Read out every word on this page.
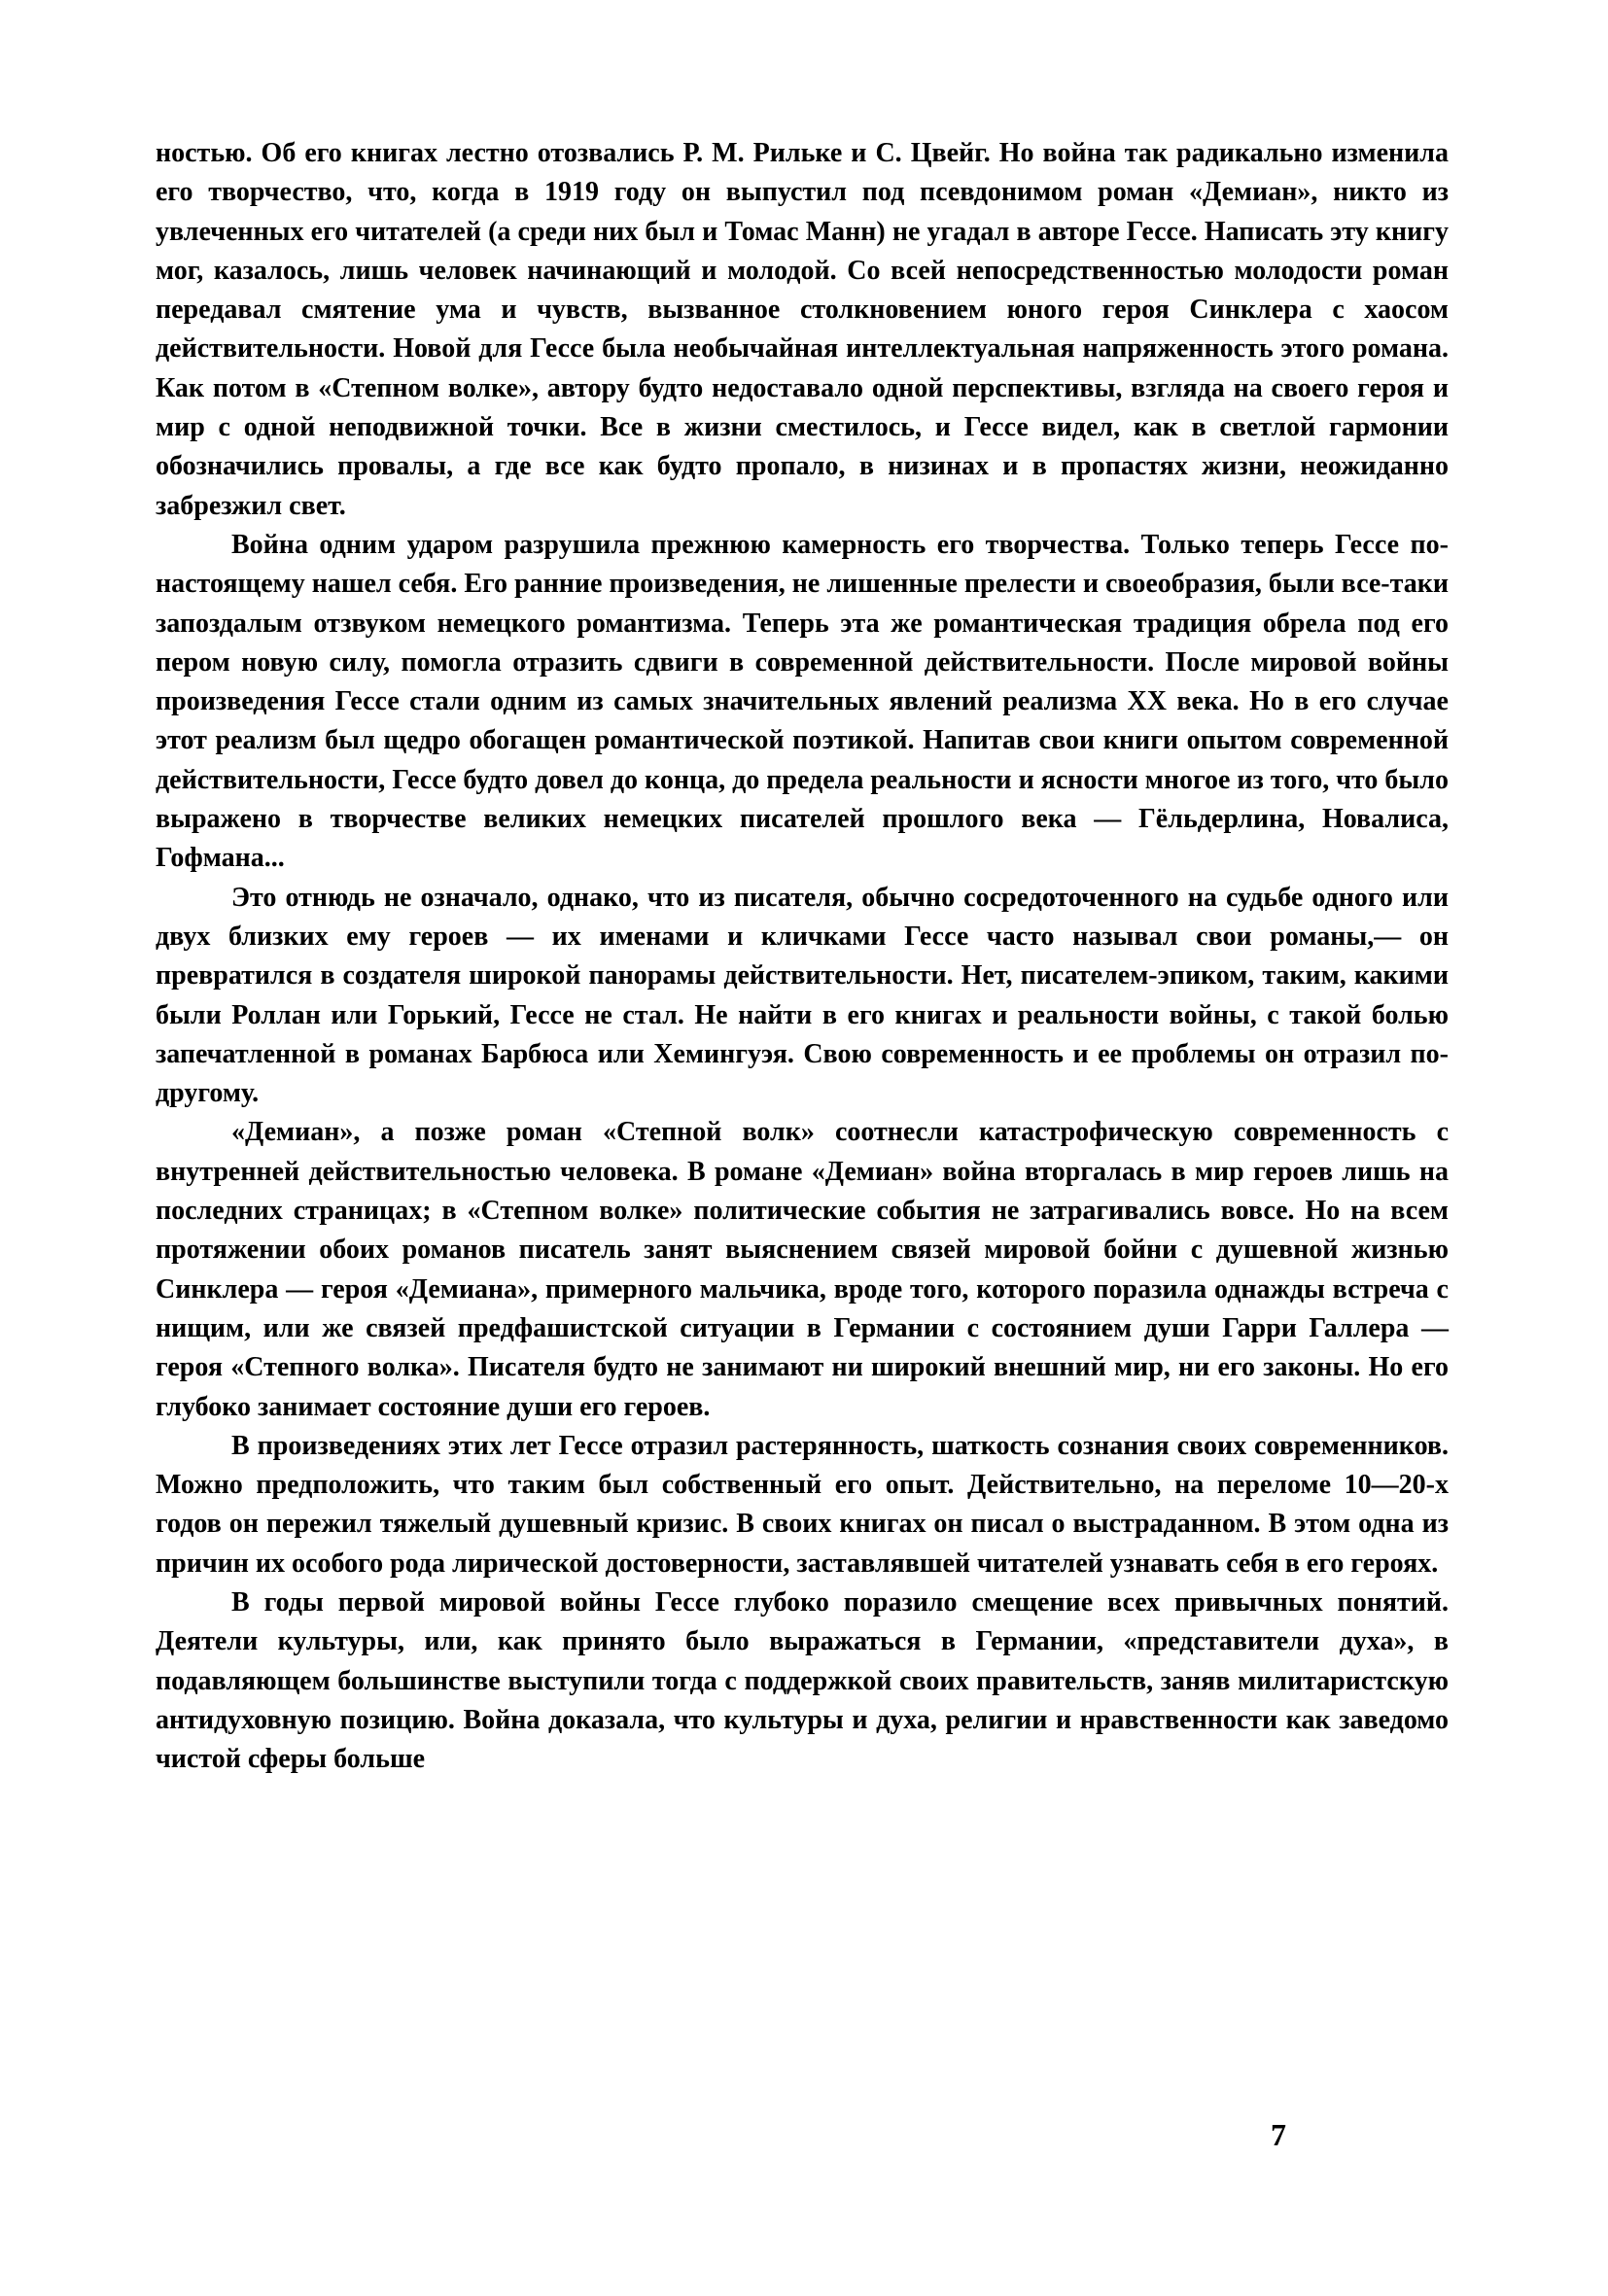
ностью. Об его книгах лестно отозвались Р. М. Рильке и С. Цвейг. Но война так радикально изменила его творчество, что, когда в 1919 году он выпустил под псевдонимом роман «Демиан», никто из увлеченных его читателей (а среди них был и Томас Манн) не угадал в авторе Гессе. Написать эту книгу мог, казалось, лишь человек начинающий и молодой. Со всей непосредственностью молодости роман передавал смятение ума и чувств, вызванное столкновением юного героя Синклера с хаосом действительности. Новой для Гессе была необычайная интеллектуальная напряженность этого романа. Как потом в «Степном волке», автору будто недоставало одной перспективы, взгляда на своего героя и мир с одной неподвижной точки. Все в жизни сместилось, и Гессе видел, как в светлой гармонии обозначились провалы, а где все как будто пропало, в низинах и в пропастях жизни, неожиданно забрезжил свет.

Война одним ударом разрушила прежнюю камерность его творчества. Только теперь Гессе по-настоящему нашел себя. Его ранние произведения, не лишенные прелести и своеобразия, были все-таки запоздалым отзвуком немецкого романтизма. Теперь эта же романтическая традиция обрела под его пером новую силу, помогла отразить сдвиги в современной действительности. После мировой войны произведения Гессе стали одним из самых значительных явлений реализма XX века. Но в его случае этот реализм был щедро обогащен романтической поэтикой. Напитав свои книги опытом современной действительности, Гессе будто довел до конца, до предела реальности и ясности многое из того, что было выражено в творчестве великих немецких писателей прошлого века — Гёльдерлина, Новалиса, Гофмана...

Это отнюдь не означало, однако, что из писателя, обычно сосредоточенного на судьбе одного или двух близких ему героев — их именами и кличками Гессе часто называл свои романы,— он превратился в создателя широкой панорамы действительности. Нет, писателем-эпиком, таким, какими были Роллан или Горький, Гессе не стал. Не найти в его книгах и реальности войны, с такой болью запечатленной в романах Барбюса или Хемингуэя. Свою современность и ее проблемы он отразил по-другому.

«Демиан», а позже роман «Степной волк» соотнесли катастрофическую современность с внутренней действительностью человека. В романе «Демиан» война вторгалась в мир героев лишь на последних страницах; в «Степном волке» политические события не затрагивались вовсе. Но на всем протяжении обоих романов писатель занят выяснением связей мировой бойни с душевной жизнью Синклера — героя «Демиана», примерного мальчика, вроде того, которого поразила однажды встреча с нищим, или же связей предфашистской ситуации в Германии с состоянием души Гарри Галлера — героя «Степного волка». Писателя будто не занимают ни широкий внешний мир, ни его законы. Но его глубоко занимает состояние души его героев.

В произведениях этих лет Гессе отразил растерянность, шаткость сознания своих современников. Можно предположить, что таким был собственный его опыт. Действительно, на переломе 10—20-х годов он пережил тяжелый душевный кризис. В своих книгах он писал о выстраданном. В этом одна из причин их особого рода лирической достоверности, заставлявшей читателей узнавать себя в его героях.

В годы первой мировой войны Гессе глубоко поразило смещение всех привычных понятий. Деятели культуры, или, как принято было выражаться в Германии, «представители духа», в подавляющем большинстве выступили тогда с поддержкой своих правительств, заняв милитаристскую антидуховную позицию. Война доказала, что культуры и духа, религии и нравственности как заведомо чистой сферы больше

7
